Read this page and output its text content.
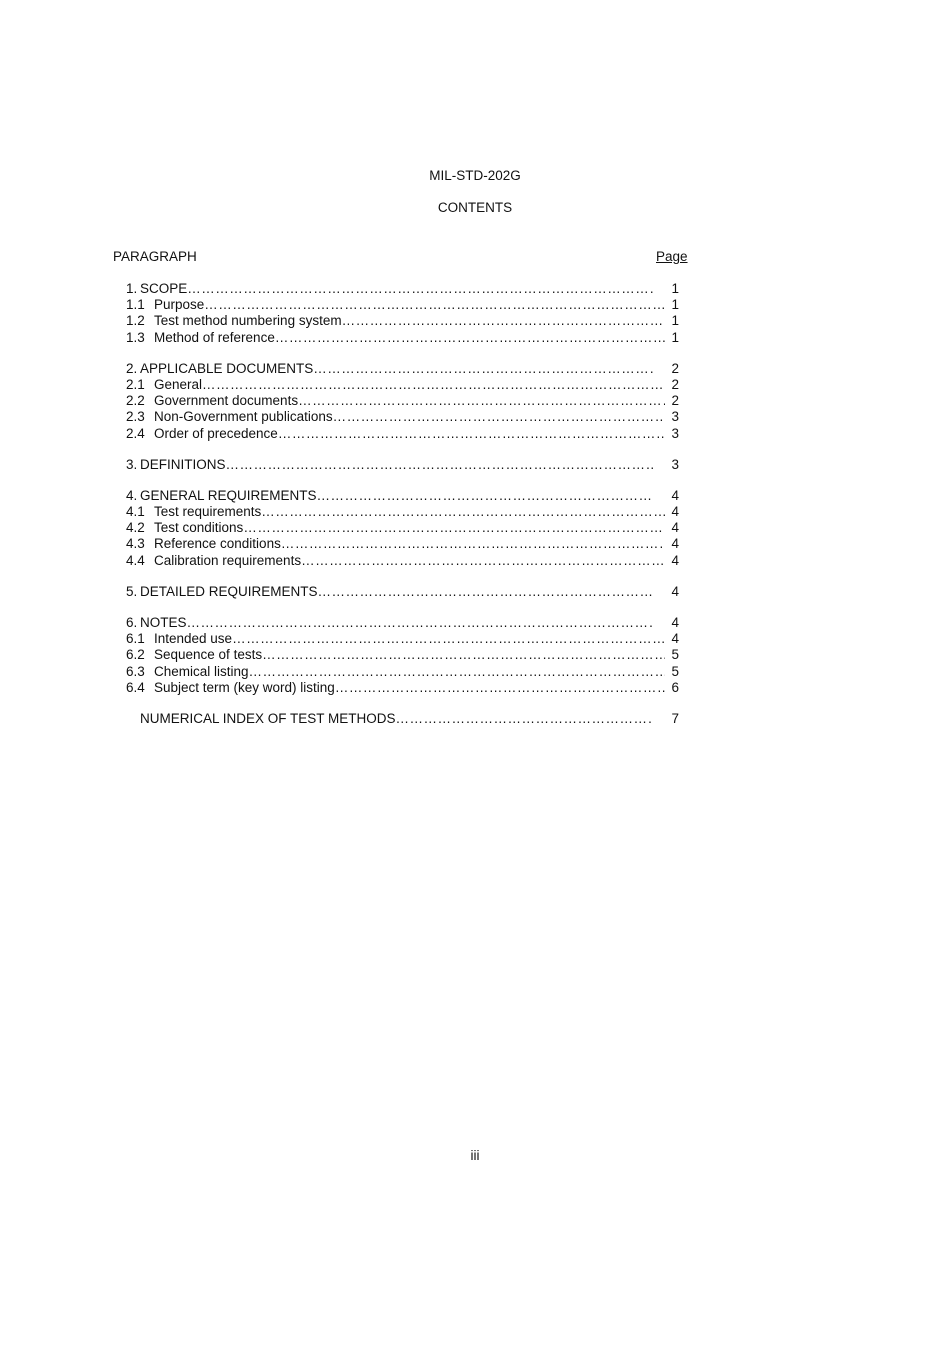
MIL-STD-202G
CONTENTS
PARAGRAPH	Page
1. SCOPE …………………………………………………………………………………………………………………………………………………………………………	1
1.1 Purpose …………………………………………………………………………………………………………………………………………………………………………	1
1.2 Test method numbering system …………………………………………………………………………………………………………………………………………………………………………	1
1.3 Method of reference …………………………………………………………………………………………………………………………………………………………………………	1
2. APPLICABLE DOCUMENTS …………………………………………………………………………………………………………………………………………………………………………	2
2.1 General …………………………………………………………………………………………………………………………………………………………………………	2
2.2 Government documents …………………………………………………………………………………………………………………………………………………………………………	2
2.3 Non-Government publications …………………………………………………………………………………………………………………………………………………………………………	3
2.4 Order of precedence …………………………………………………………………………………………………………………………………………………………………………	3
3. DEFINITIONS …………………………………………………………………………………………………………………………………………………………………………	3
4. GENERAL REQUIREMENTS …………………………………………………………………………………………………………………………………………………………………………	4
4.1 Test requirements …………………………………………………………………………………………………………………………………………………………………………	4
4.2 Test conditions …………………………………………………………………………………………………………………………………………………………………………	4
4.3 Reference conditions …………………………………………………………………………………………………………………………………………………………………………	4
4.4 Calibration requirements …………………………………………………………………………………………………………………………………………………………………………	4
5. DETAILED REQUIREMENTS …………………………………………………………………………………………………………………………………………………………………………	4
6. NOTES …………………………………………………………………………………………………………………………………………………………………………	4
6.1 Intended use …………………………………………………………………………………………………………………………………………………………………………	4
6.2 Sequence of tests …………………………………………………………………………………………………………………………………………………………………………	5
6.3 Chemical listing …………………………………………………………………………………………………………………………………………………………………………	5
6.4 Subject term (key word) listing …………………………………………………………………………………………………………………………………………………………………………	6
NUMERICAL INDEX OF TEST METHODS …………………………………………………………………………………………………………………………………………………………………………	7
iii
